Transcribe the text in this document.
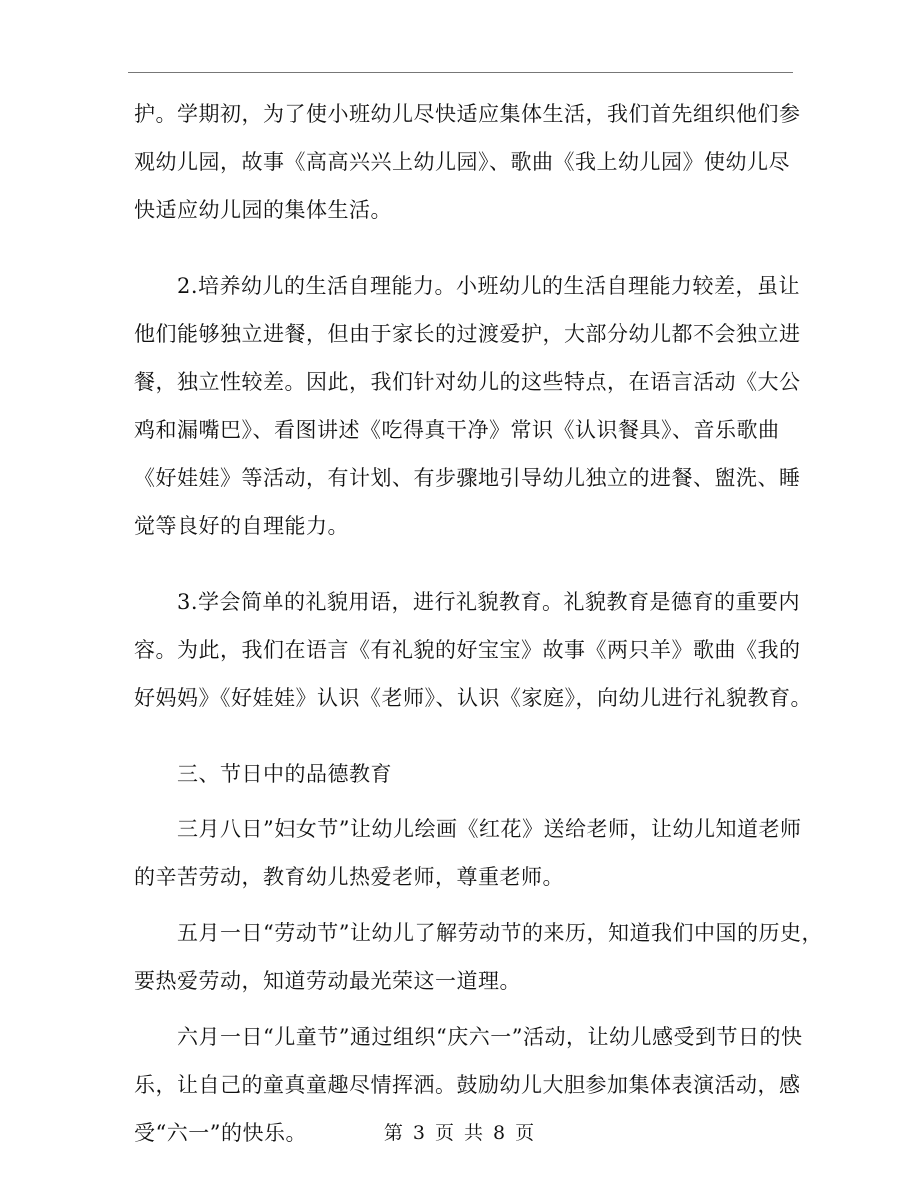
护。学期初，为了使小班幼儿尽快适应集体生活，我们首先组织他们参
观幼儿园，故事《高高兴兴上幼儿园》、歌曲《我上幼儿园》使幼儿尽
快适应幼儿园的集体生活。
　　2.培养幼儿的生活自理能力。小班幼儿的生活自理能力较差，虽让
他们能够独立进餐，但由于家长的过渡爱护，大部分幼儿都不会独立进
餐，独立性较差。因此，我们针对幼儿的这些特点，在语言活动《大公
鸡和漏嘴巴》、看图讲述《吃得真干净》常识《认识餐具》、音乐歌曲
《好娃娃》等活动，有计划、有步骤地引导幼儿独立的进餐、盥洗、睡
觉等良好的自理能力。
　　3.学会简单的礼貌用语，进行礼貌教育。礼貌教育是德育的重要内
容。为此，我们在语言《有礼貌的好宝宝》故事《两只羊》歌曲《我的
好妈妈》《好娃娃》认识《老师》、认识《家庭》，向幼儿进行礼貌教育。
　　三、节日中的品德教育
　　三月八日”妇女节”让幼儿绘画《红花》送给老师，让幼儿知道老师
的辛苦劳动，教育幼儿热爱老师，尊重老师。
　　五月一日“劳动节”让幼儿了解劳动节的来历，知道我们中国的历史，
要热爱劳动，知道劳动最光荣这一道理。
　　六月一日“儿童节”通过组织“庆六一”活动，让幼儿感受到节日的快
乐，让自己的童真童趣尽情挥洒。鼓励幼儿大胆参加集体表演活动，感
受“六一”的快乐。	第 3 页 共 8 页
